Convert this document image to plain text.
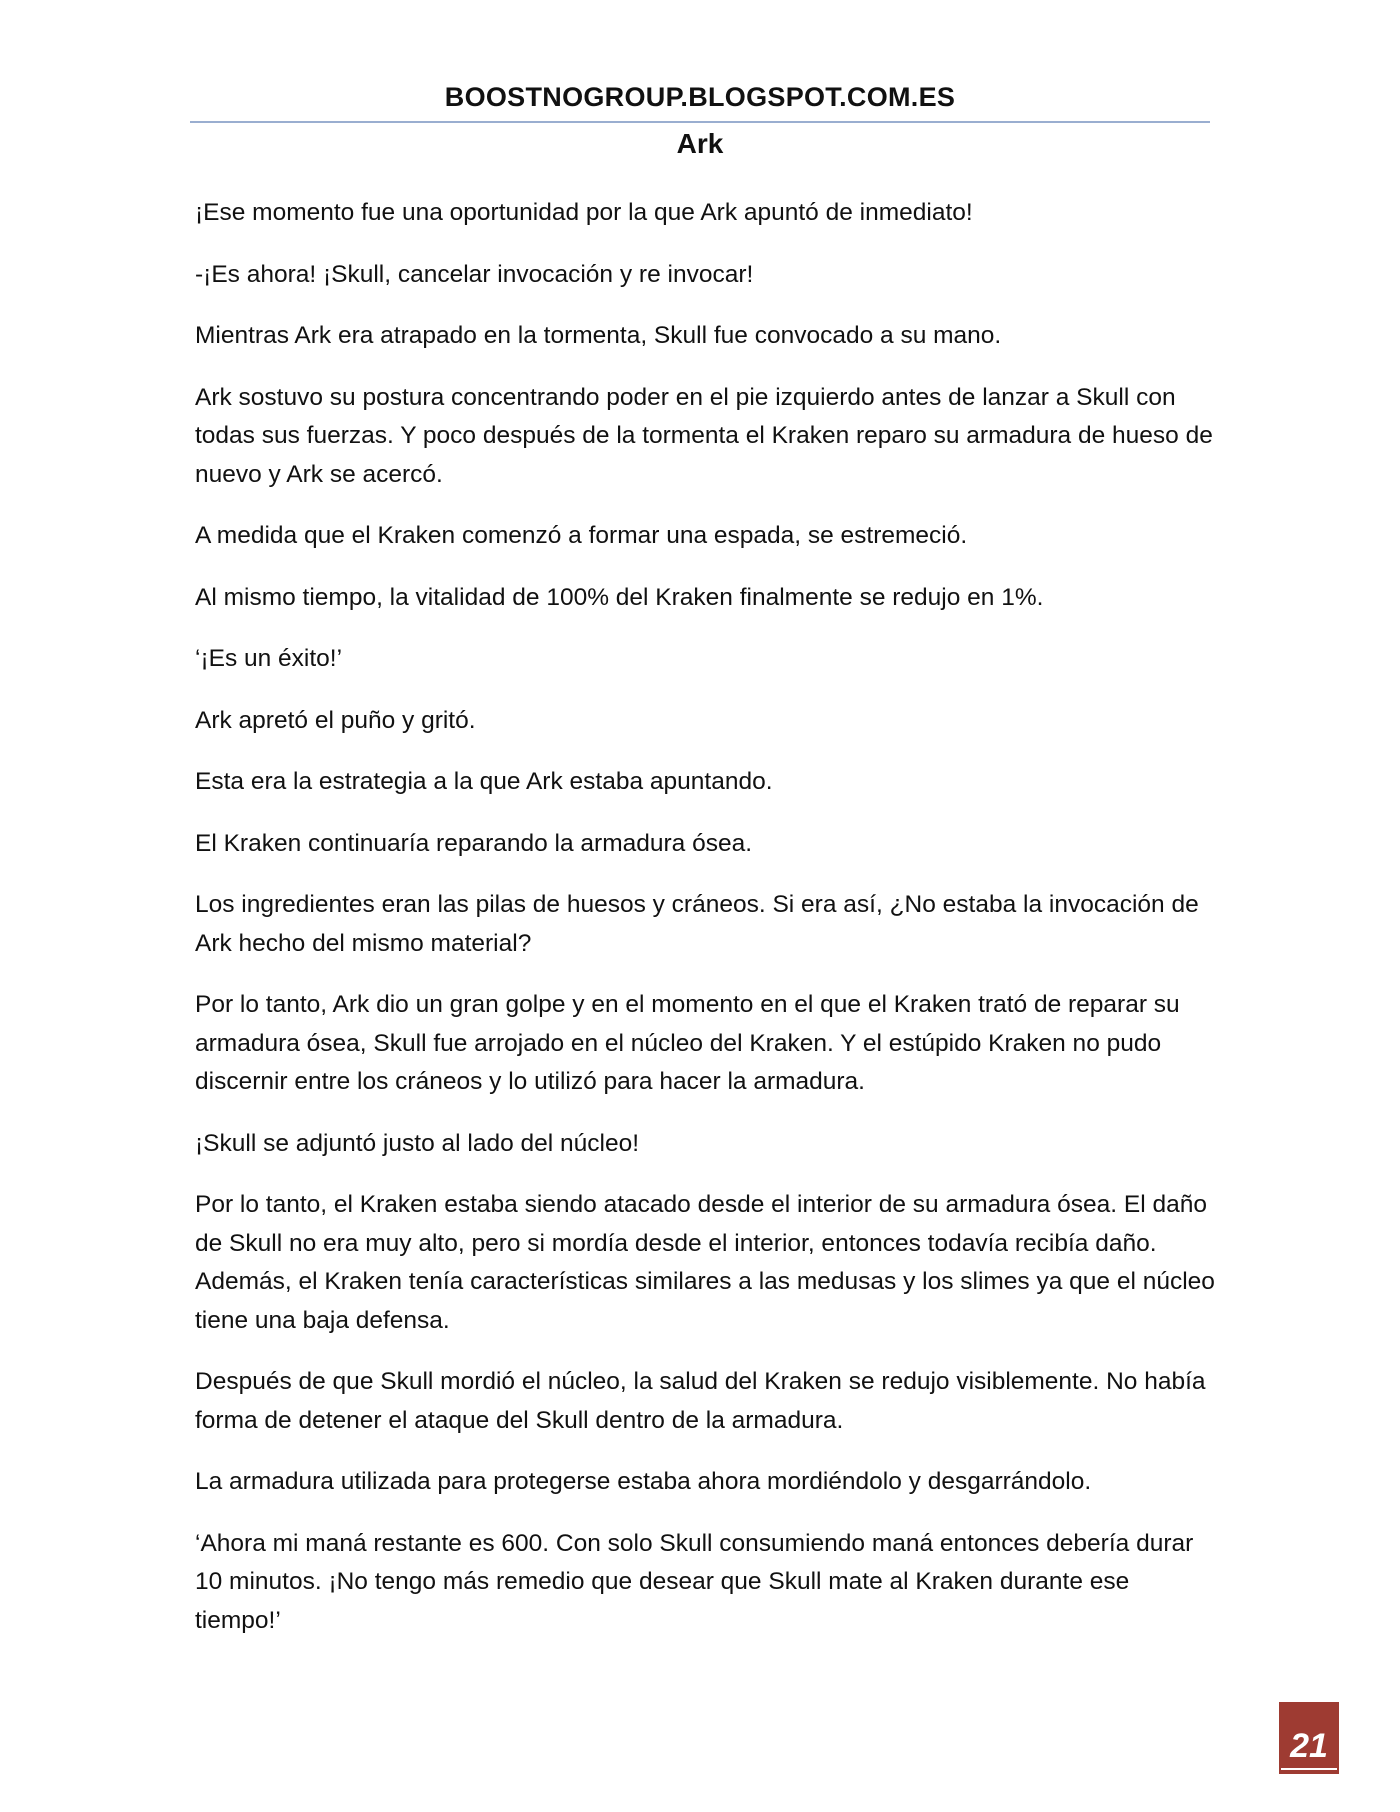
BOOSTNOGROUP.BLOGSPOT.COM.ES
Ark

¡Ese momento fue una oportunidad por la que Ark apuntó de inmediato!

-¡Es ahora! ¡Skull, cancelar invocación y re invocar!

Mientras Ark era atrapado en la tormenta, Skull fue convocado a su mano.

Ark sostuvo su postura concentrando poder en el pie izquierdo antes de lanzar a Skull con todas sus fuerzas. Y poco después de la tormenta el Kraken reparo su armadura de hueso de nuevo y Ark se acercó.

A medida que el Kraken comenzó a formar una espada, se estremeció.

Al mismo tiempo, la vitalidad de 100% del Kraken finalmente se redujo en 1%.

‘¡Es un éxito!’

Ark apretó el puño y gritó.

Esta era la estrategia a la que Ark estaba apuntando.

El Kraken continuaría reparando la armadura ósea.

Los ingredientes eran las pilas de huesos y cráneos. Si era así, ¿No estaba la invocación de Ark hecho del mismo material?

Por lo tanto, Ark dio un gran golpe y en el momento en el que el Kraken trató de reparar su armadura ósea, Skull fue arrojado en el núcleo del Kraken. Y el estúpido Kraken no pudo discernir entre los cráneos y lo utilizó para hacer la armadura.

¡Skull se adjuntó justo al lado del núcleo!

Por lo tanto, el Kraken estaba siendo atacado desde el interior de su armadura ósea. El daño de Skull no era muy alto, pero si mordía desde el interior, entonces todavía recibía daño. Además, el Kraken tenía características similares a las medusas y los slimes ya que el núcleo tiene una baja defensa.

Después de que Skull mordió el núcleo, la salud del Kraken se redujo visiblemente. No había forma de detener el ataque del Skull dentro de la armadura.

La armadura utilizada para protegerse estaba ahora mordiéndolo y desgarrándolo.

‘Ahora mi maná restante es 600. Con solo Skull consumiendo maná entonces debería durar 10 minutos. ¡No tengo más remedio que desear que Skull mate al Kraken durante ese tiempo!’

21
